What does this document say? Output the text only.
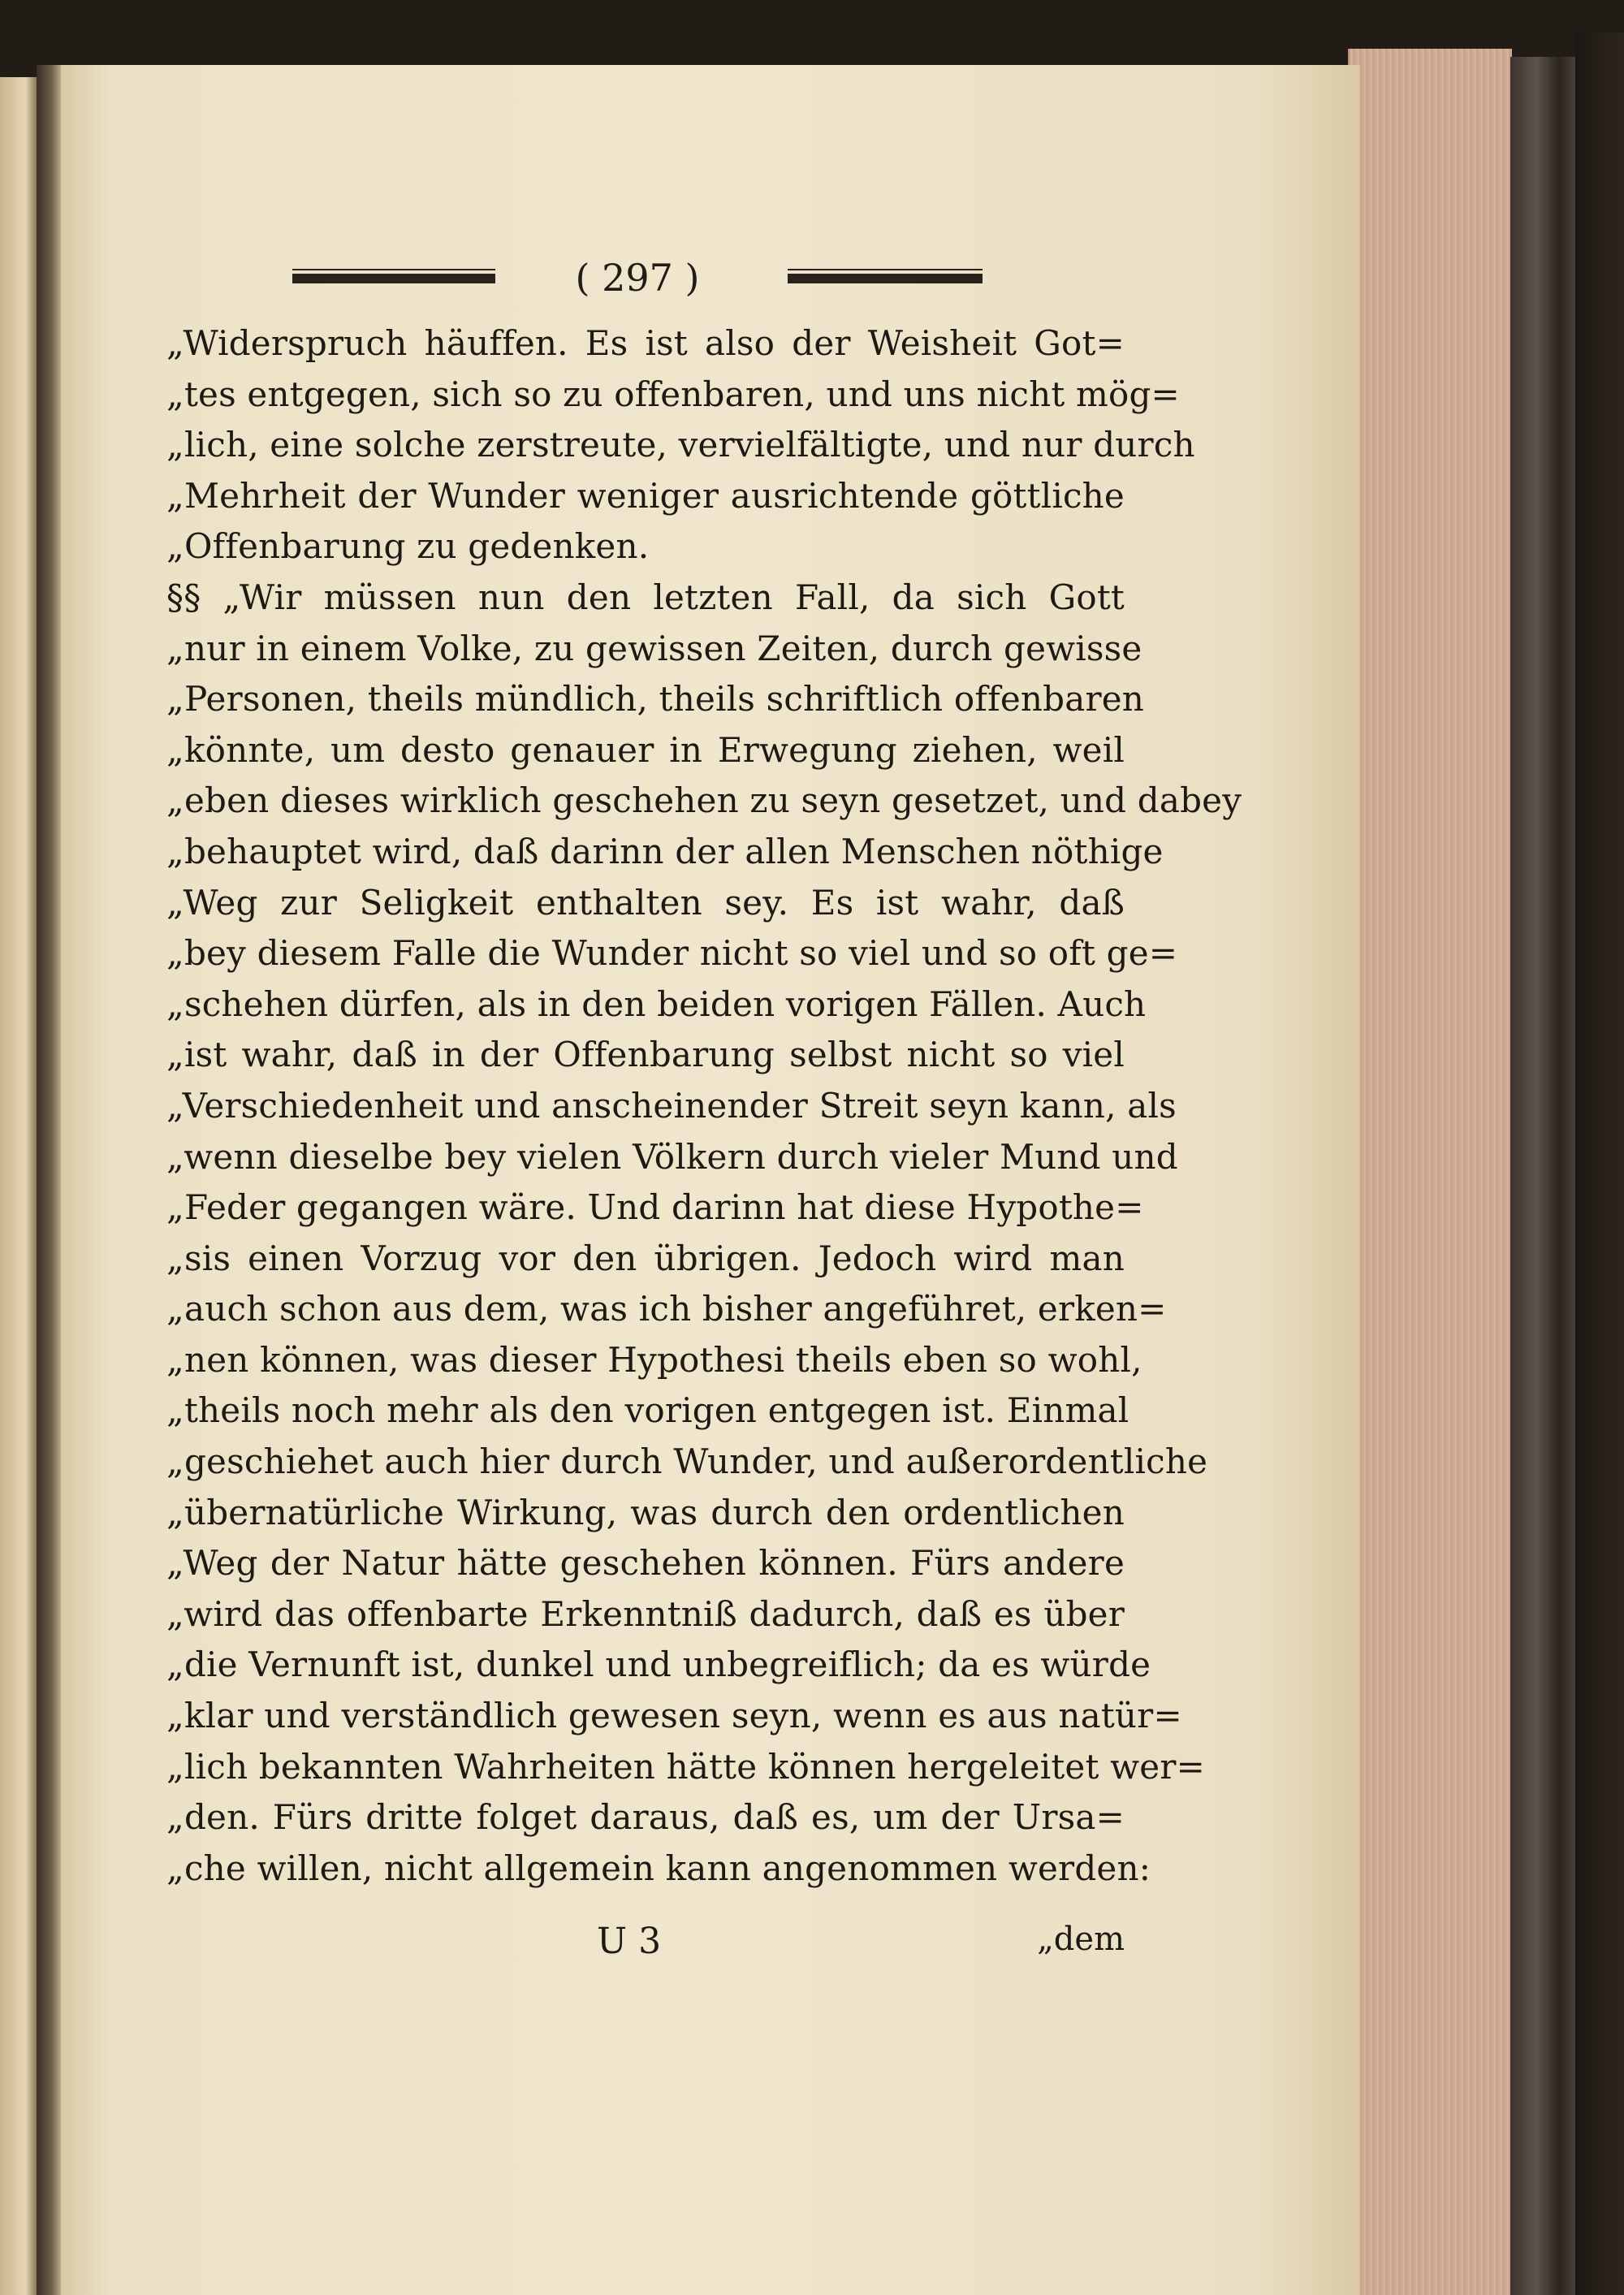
( 297 )
„Widerspruch häuffen. Es ist also der Weisheit Got=
„tes entgegen, sich so zu offenbaren, und uns nicht mög=
„lich, eine solche zerstreute, vervielfältigte, und nur durch
„Mehrheit der Wunder weniger ausrichtende göttliche
„Offenbarung zu gedenken.
§§ „Wir müssen nun den letzten Fall, da sich Gott
„nur in einem Volke, zu gewissen Zeiten, durch gewisse
„Personen, theils mündlich, theils schriftlich offenbaren
„könnte, um desto genauer in Erwegung ziehen, weil
„eben dieses wirklich geschehen zu seyn gesetzet, und dabey
„behauptet wird, daß darinn der allen Menschen nöthige
„Weg zur Seligkeit enthalten sey. Es ist wahr, daß
„bey diesem Falle die Wunder nicht so viel und so oft ge=
„schehen dürfen, als in den beiden vorigen Fällen. Auch
„ist wahr, daß in der Offenbarung selbst nicht so viel
„Verschiedenheit und anscheinender Streit seyn kann, als
„wenn dieselbe bey vielen Völkern durch vieler Mund und
„Feder gegangen wäre. Und darinn hat diese Hypothe=
„sis einen Vorzug vor den übrigen. Jedoch wird man
„auch schon aus dem, was ich bisher angeführet, erken=
„nen können, was dieser Hypothesi theils eben so wohl,
„theils noch mehr als den vorigen entgegen ist. Einmal
„geschiehet auch hier durch Wunder, und außerordentliche
„übernatürliche Wirkung, was durch den ordentlichen
„Weg der Natur hätte geschehen können. Fürs andere
„wird das offenbarte Erkenntniß dadurch, daß es über
„die Vernunft ist, dunkel und unbegreiflich; da es würde
„klar und verständlich gewesen seyn, wenn es aus natür=
„lich bekannten Wahrheiten hätte können hergeleitet wer=
„den. Fürs dritte folget daraus, daß es, um der Ursa=
„che willen, nicht allgemein kann angenommen werden:
U 3	„dem
